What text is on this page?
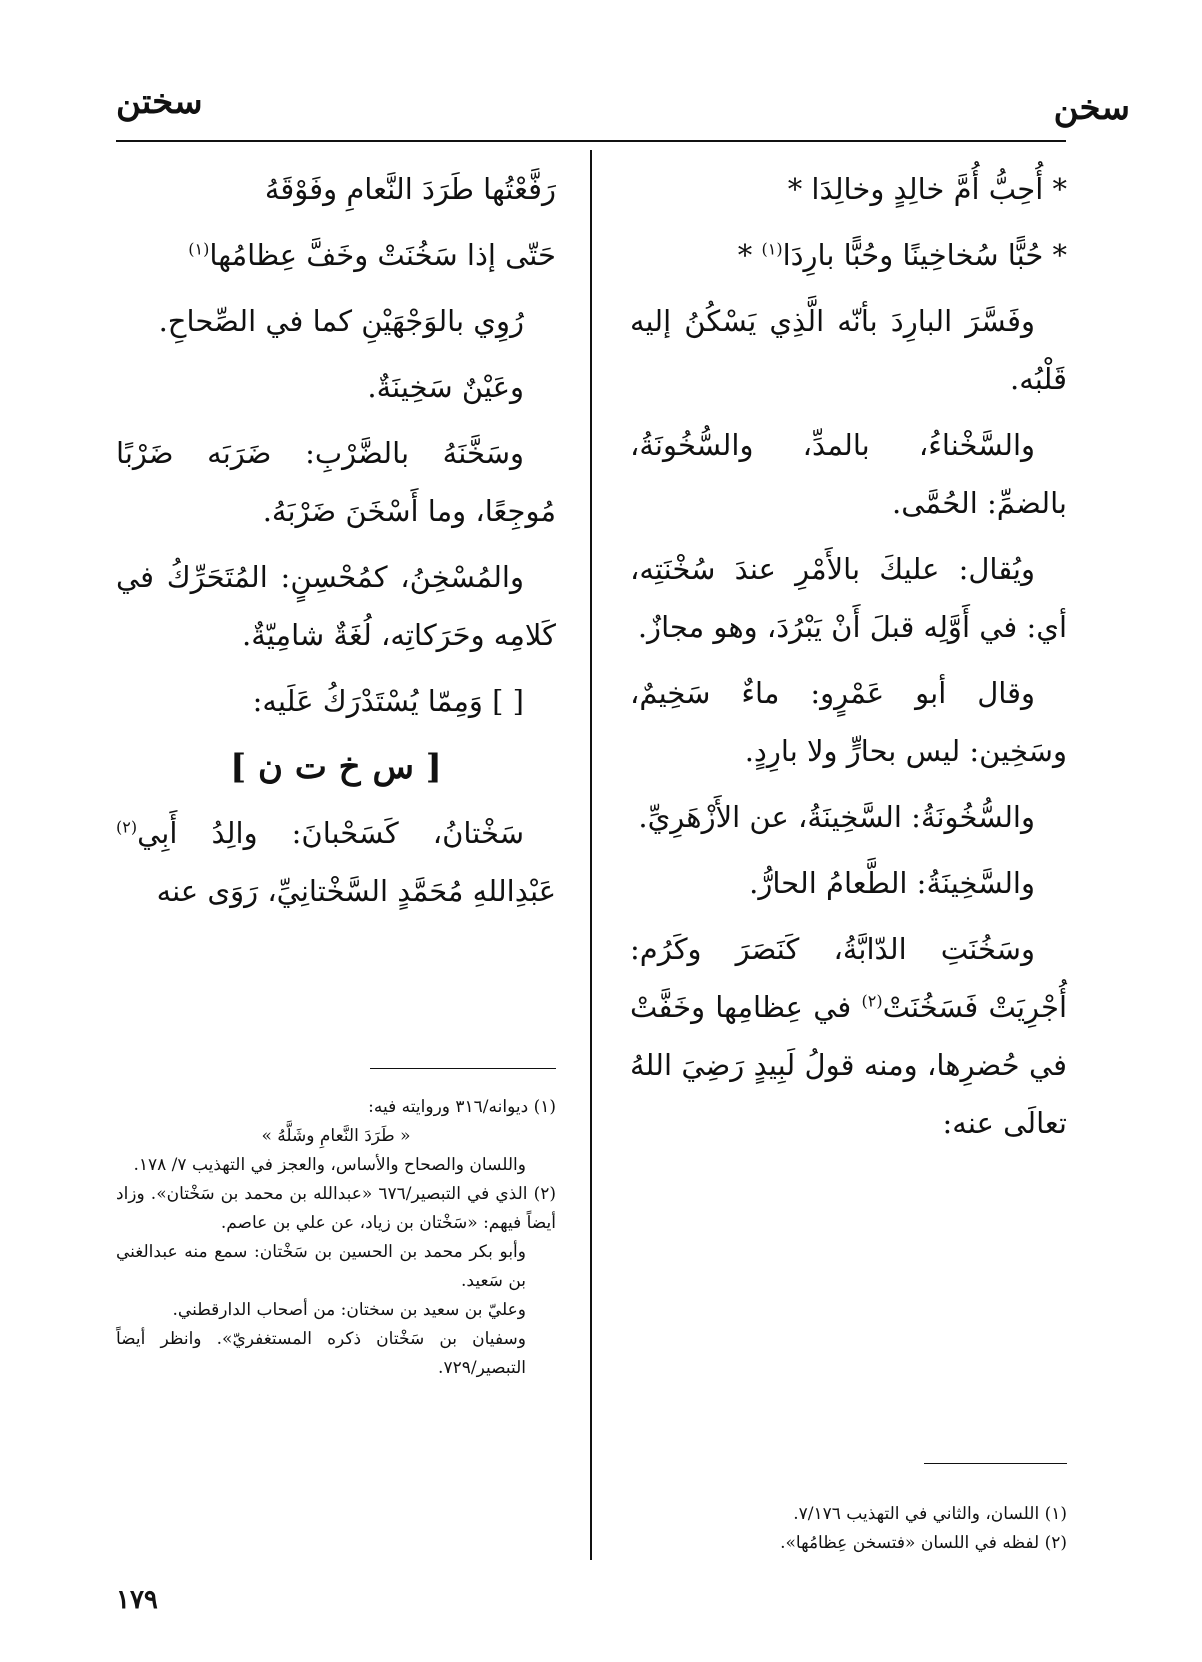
سخن
سختن

* أُحِبُّ أُمَّ خالِدٍ وخالِدَا *

* حُبًّا سُخاخِينًا وحُبًّا بارِدَا$^{(١)}$ *

وفَسَّرَ البارِدَ بأنّه الَّذِي يَسْكُنُ إليه قَلْبُه.

والسَّخْناءُ، بالمدِّ، والسُّخُونَةُ، بالضمِّ: الحُمَّى.

ويُقال: عليكَ بالأَمْرِ عندَ سُخْنَتِه، أي: في أَوَّلِه قبلَ أَنْ يَبْرُدَ، وهو مجازٌ.

وقال أبو عَمْرٍو: ماءٌ سَخِيمٌ، وسَخِين: ليس بحارٍّ ولا بارِدٍ.

والسُّخُونَةُ: السَّخِينَةُ، عن الأَزْهَرِيِّ.

والسَّخِينَةُ: الطَّعامُ الحارُّ.

وسَخُنَتِ الدّابَّةُ، كَنَصَرَ وكَرُم: أُجْرِيَتْ فَسَخُنَتْ$^{(٢)}$ في عِظامِها وخَفَّتْ في حُضرِها، ومنه قولُ لَبِيدٍ رَضِيَ اللهُ تعالَى عنه:

(١) اللسان، والثاني في التهذيب ٧/١٧٦.

(٢) لفظه في اللسان «فتسخن عِظامُها».

رَفَّعْتُها طَرَدَ النَّعامِ وفَوْقَهُ

حَتّى إذا سَخُنَتْ وخَفَّ عِظامُها$^{(١)}$

رُوِي بالوَجْهَيْنِ كما في الصِّحاحِ.

وعَيْنٌ سَخِينَةٌ.

وسَخَّنَهُ بالضَّرْبِ: ضَرَبَه ضَرْبًا مُوجِعًا، وما أَسْخَنَ ضَرْبَهُ.

والمُسْخِنُ، كمُحْسِنٍ: المُتَحَرِّكُ في كَلامِه وحَرَكاتِه، لُغَةٌ شامِيّةٌ.

[ ] وَمِمّا يُسْتَدْرَكُ عَلَيه:

[ س خ ت ن ]

سَخْتانُ، كَسَحْبانَ: والِدُ أَبِي$^{(٢)}$ عَبْدِاللهِ مُحَمَّدٍ السَّخْتانِيِّ، رَوَى عنه

(١) ديوانه/٣١٦ وروايته فيه:

« طَرَدَ النَّعامِ وشَلَّهُ »

واللسان والصحاح والأساس، والعجز في التهذيب ٧/ ١٧٨.

(٢) الذي في التبصير/٦٧٦ «عبدالله بن محمد بن سَخْتان». وزاد أيضاً فيهم: «سَخْتان بن زياد، عن علي بن عاصم.

وأبو بكر محمد بن الحسين بن سَخْتان: سمع منه عبدالغني بن سَعيد.

وعليّ بن سعيد بن سختان: من أصحاب الدارقطني.

وسفيان بن سَخْتان ذكره المستغفريّ». وانظر أيضاً التبصير/٧٢٩.

١٧٩
